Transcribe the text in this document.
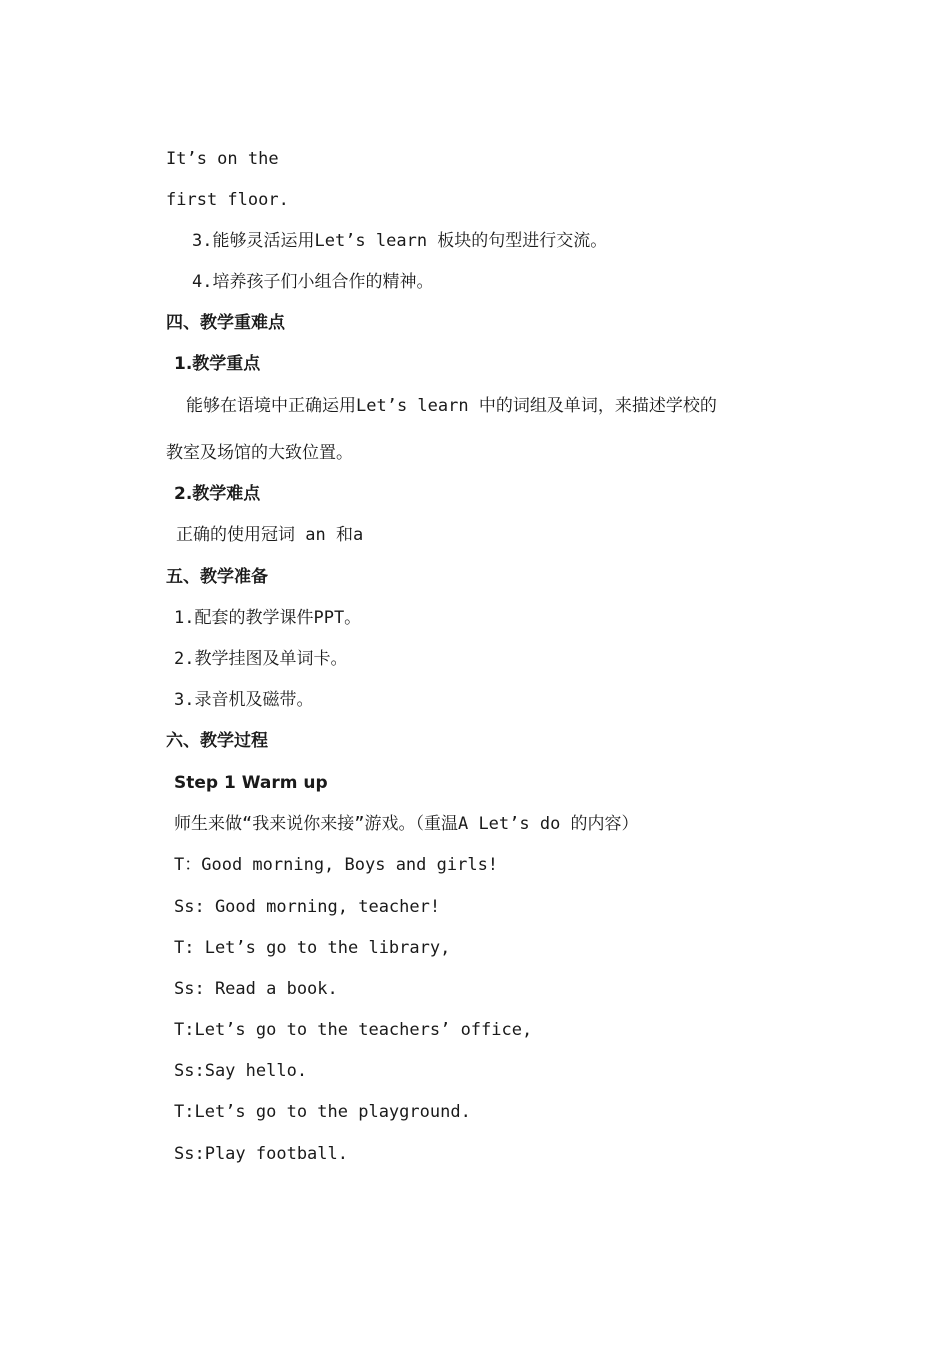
It’s on the

first floor.

3.能够灵活运用Let’s learn 板块的句型进行交流。

4.培养孩子们小组合作的精神。

四、教学重难点

1.教学重点

能够在语境中正确运用Let’s learn 中的词组及单词，来描述学校的

教室及场馆的大致位置。

2.教学难点

正确的使用冠词 an 和a

五、教学准备

1.配套的教学课件PPT。

2.教学挂图及单词卡。

3.录音机及磁带。

六、教学过程

Step 1 Warm up

师生来做“我来说你来接”游戏。（重温A Let’s do 的内容）

T：Good morning, Boys and girls!

Ss: Good morning, teacher!

T: Let’s go to the library,

Ss: Read a book.

T:Let’s go to the teachers’ office,

Ss:Say hello.

T:Let’s go to the playground.

Ss:Play football.
